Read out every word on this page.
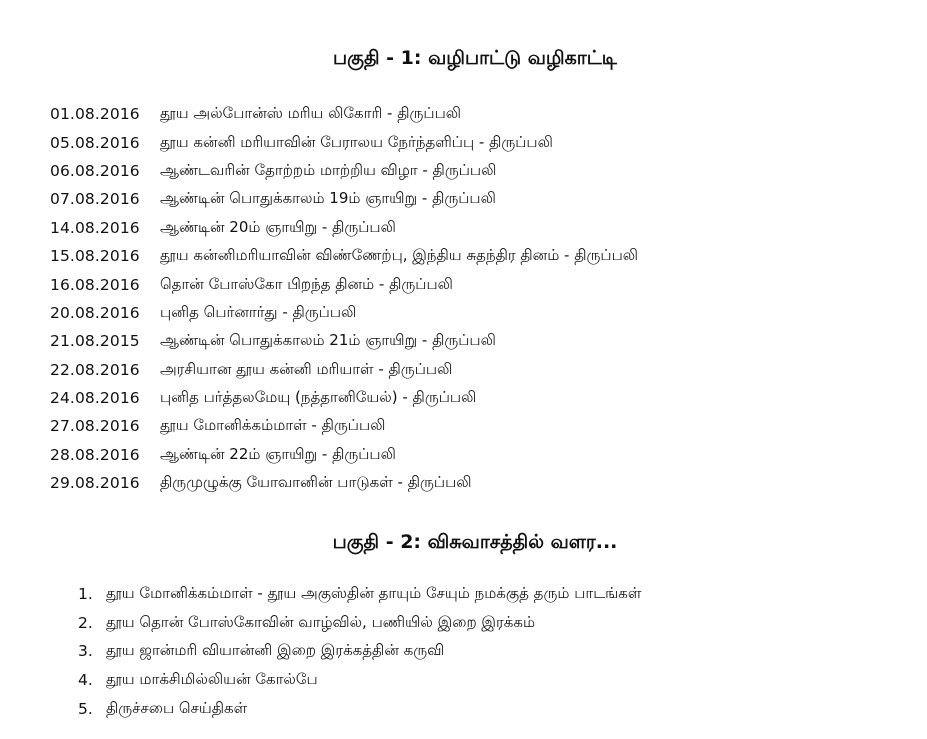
பகுதி - 1: வழிபாட்டு வழிகாட்டி
01.08.2016	தூய அல்போன்ஸ் மரிய லிகோரி - திருப்பலி
05.08.2016	தூய கன்னி மரியாவின் பேராலய நேர்ந்தளிப்பு - திருப்பலி
06.08.2016	ஆண்டவரின் தோற்றம் மாற்றிய விழா - திருப்பலி
07.08.2016	ஆண்டின் பொதுக்காலம் 19ம் ஞாயிறு - திருப்பலி
14.08.2016	ஆண்டின் 20ம் ஞாயிறு - திருப்பலி
15.08.2016	தூய கன்னிமரியாவின் விண்ணேற்பு, இந்திய சுதந்திர தினம் - திருப்பலி
16.08.2016	தொன் போஸ்கோ பிறந்த தினம் - திருப்பலி
20.08.2016	புனித பெர்னார்து - திருப்பலி
21.08.2015	ஆண்டின் பொதுக்காலம் 21ம் ஞாயிறு - திருப்பலி
22.08.2016	அரசியான தூய கன்னி மரியாள் - திருப்பலி
24.08.2016	புனித பர்த்தலமேயு (நத்தானியேல்) - திருப்பலி
27.08.2016	தூய மோனிக்கம்மாள் - திருப்பலி
28.08.2016	ஆண்டின் 22ம் ஞாயிறு - திருப்பலி
29.08.2016	திருமுழுக்கு யோவானின் பாடுகள் - திருப்பலி
பகுதி - 2: விசுவாசத்தில் வளர...
1. தூய மோனிக்கம்மாள் - தூய அகுஸ்தின் தாயும் சேயும் நமக்குத் தரும் பாடங்கள்
2. தூய தொன் போஸ்கோவின் வாழ்வில், பணியில் இறை இரக்கம்
3. தூய ஜான்மரி வியான்னி இறை இரக்கத்தின் கருவி
4. தூய மாக்சிமில்லியன் கோல்பே
5. திருச்சபை செய்திகள்
